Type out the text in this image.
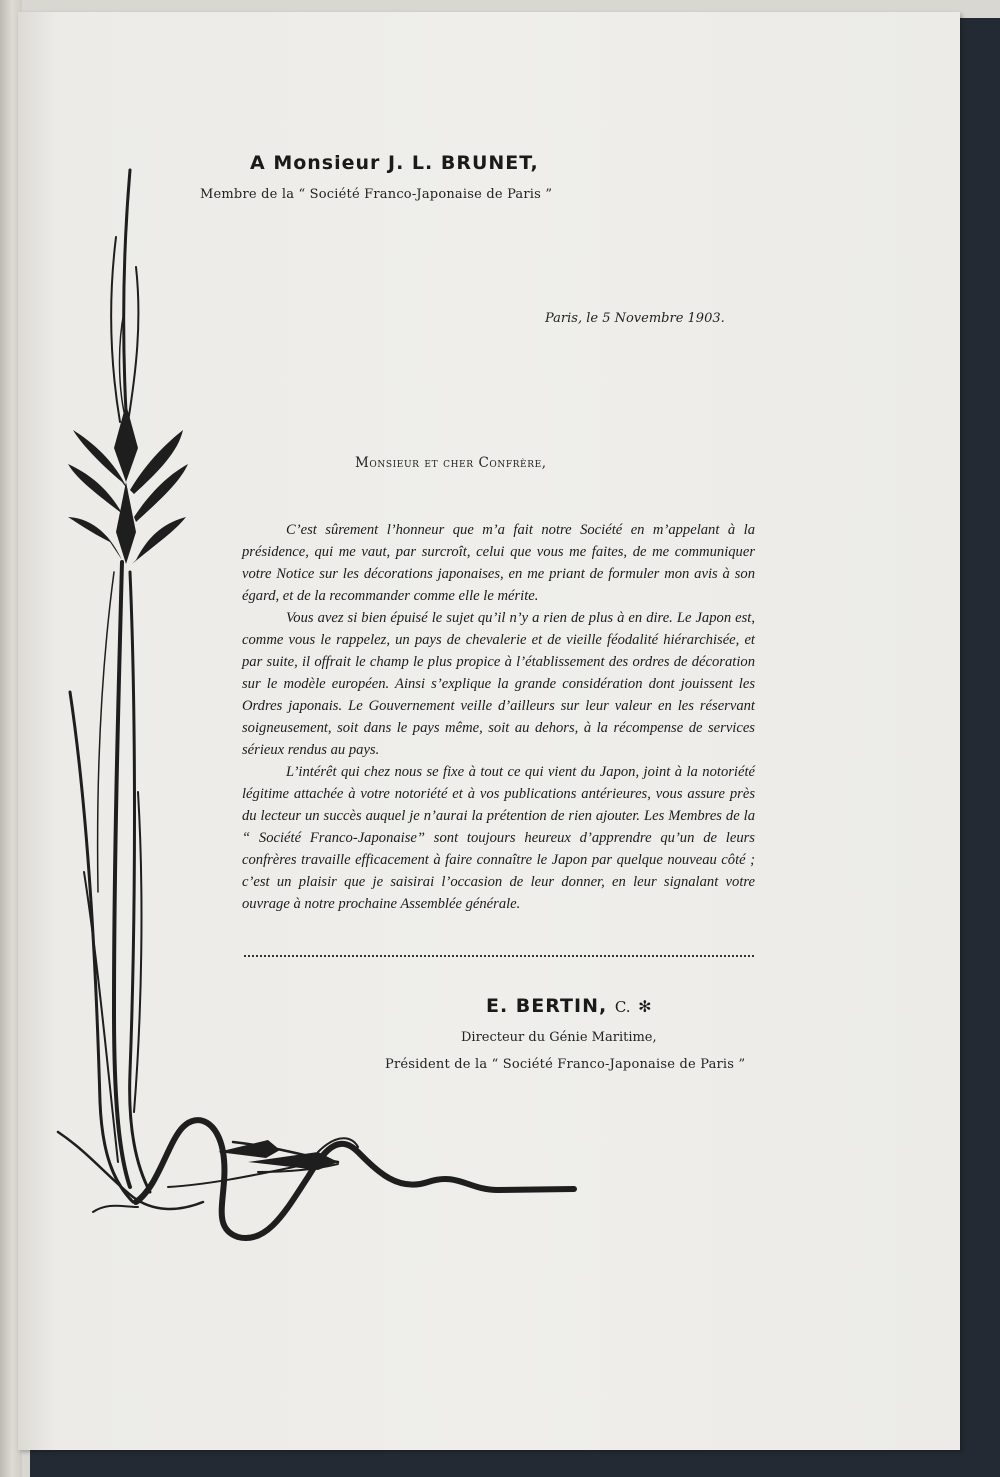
A Monsieur J. L. BRUNET,
Membre de la “ Société Franco-Japonaise de Paris ”
Paris, le 5 Novembre 1903.
Monsieur et cher Confrère,

C’est sûrement l’honneur que m’a fait notre Société en m’appelant à la présidence, qui me vaut, par surcroît, celui que vous me faites, de me communiquer votre Notice sur les décorations japonaises, en me priant de formuler mon avis à son égard, et de la recommander comme elle le mérite.

Vous avez si bien épuisé le sujet qu’il n’y a rien de plus à en dire. Le Japon est, comme vous le rappelez, un pays de chevalerie et de vieille féodalité hiérarchisée, et par suite, il offrait le champ le plus propice à l’établissement des ordres de décoration sur le modèle européen. Ainsi s’explique la grande considération dont jouissent les Ordres japonais. Le Gouvernement veille d’ailleurs sur leur valeur en les réservant soigneusement, soit dans le pays même, soit au dehors, à la récompense de services sérieux rendus au pays.

L’intérêt qui chez nous se fixe à tout ce qui vient du Japon, joint à la notoriété légitime attachée à votre notoriété et à vos publications antérieures, vous assure près du lecteur un succès auquel je n’aurai la prétention de rien ajouter. Les Membres de la “ Société Franco-Japonaise” sont toujours heureux d’apprendre qu’un de leurs confrères travaille efficacement à faire connaître le Japon par quelque nouveau côté ; c’est un plaisir que je saisirai l’occasion de leur donner, en leur signalant votre ouvrage à notre prochaine Assemblée générale.

E. BERTIN, C. ✻
Directeur du Génie Maritime,
Président de la “ Société Franco-Japonaise de Paris ”
